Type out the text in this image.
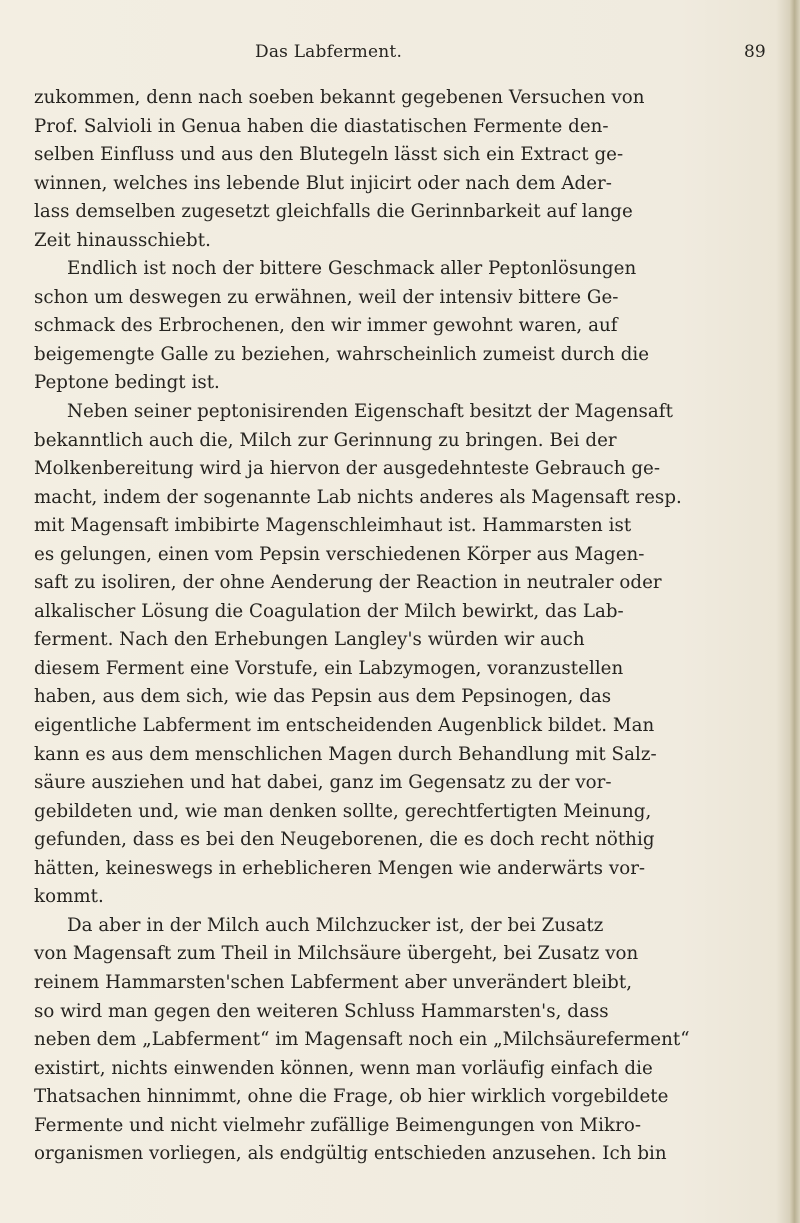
Das Labferment.	89
zukommen, denn nach soeben bekannt gegebenen Versuchen von
Prof. Salvioli in Genua haben die diastatischen Fermente den-
selben Einfluss und aus den Blutegeln lässt sich ein Extract ge-
winnen, welches ins lebende Blut injicirt oder nach dem Ader-
lass demselben zugesetzt gleichfalls die Gerinnbarkeit auf lange
Zeit hinausschiebt.
Endlich ist noch der bittere Geschmack aller Peptonlösungen
schon um deswegen zu erwähnen, weil der intensiv bittere Ge-
schmack des Erbrochenen, den wir immer gewohnt waren, auf
beigemengte Galle zu beziehen, wahrscheinlich zumeist durch die
Peptone bedingt ist.
Neben seiner peptonisirenden Eigenschaft besitzt der Magensaft
bekanntlich auch die, Milch zur Gerinnung zu bringen. Bei der
Molkenbereitung wird ja hiervon der ausgedehnteste Gebrauch ge-
macht, indem der sogenannte Lab nichts anderes als Magensaft resp.
mit Magensaft imbibirte Magenschleimhaut ist. Hammarsten ist
es gelungen, einen vom Pepsin verschiedenen Körper aus Magen-
saft zu isoliren, der ohne Aenderung der Reaction in neutraler oder
alkalischer Lösung die Coagulation der Milch bewirkt, das Lab-
ferment. Nach den Erhebungen Langley's würden wir auch
diesem Ferment eine Vorstufe, ein Labzymogen, voranzustellen
haben, aus dem sich, wie das Pepsin aus dem Pepsinogen, das
eigentliche Labferment im entscheidenden Augenblick bildet. Man
kann es aus dem menschlichen Magen durch Behandlung mit Salz-
säure ausziehen und hat dabei, ganz im Gegensatz zu der vor-
gebildeten und, wie man denken sollte, gerechtfertigten Meinung,
gefunden, dass es bei den Neugeborenen, die es doch recht nöthig
hätten, keineswegs in erheblicheren Mengen wie anderwärts vor-
kommt.
Da aber in der Milch auch Milchzucker ist, der bei Zusatz
von Magensaft zum Theil in Milchsäure übergeht, bei Zusatz von
reinem Hammarsten'schen Labferment aber unverändert bleibt,
so wird man gegen den weiteren Schluss Hammarsten's, dass
neben dem „Labferment“ im Magensaft noch ein „Milchsäureferment“
existirt, nichts einwenden können, wenn man vorläufig einfach die
Thatsachen hinnimmt, ohne die Frage, ob hier wirklich vorgebildete
Fermente und nicht vielmehr zufällige Beimengungen von Mikro-
organismen vorliegen, als endgültig entschieden anzusehen. Ich bin
